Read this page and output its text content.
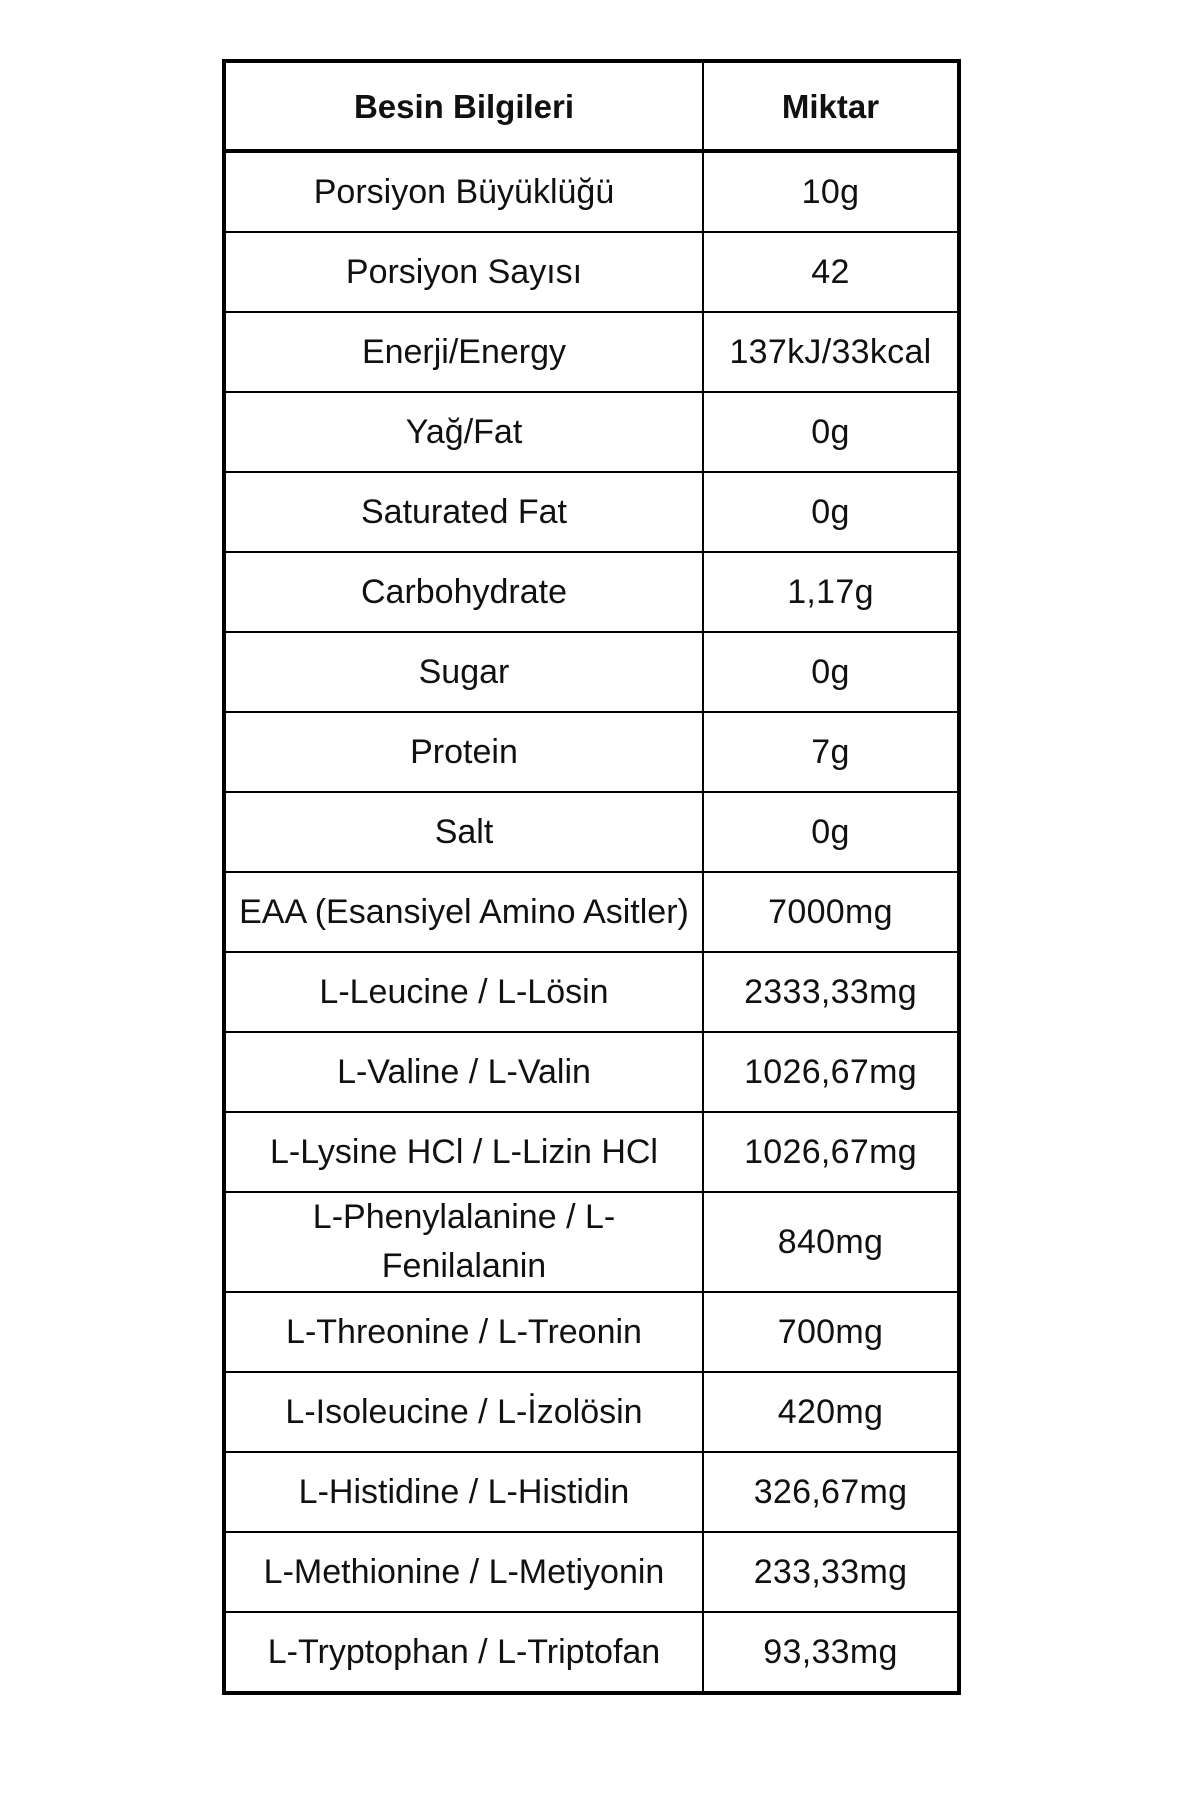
Besin Bilgileri	Miktar
Porsiyon Büyüklüğü	10g
Porsiyon Sayısı	42
Enerji/Energy	137kJ/33kcal
Yağ/Fat	0g
Saturated Fat	0g
Carbohydrate	1,17g
Sugar	0g
Protein	7g
Salt	0g
EAA (Esansiyel Amino Asitler)	7000mg
L-Leucine / L-Lösin	2333,33mg
L-Valine / L-Valin	1026,67mg
L-Lysine HCl / L-Lizin HCl	1026,67mg
L-Phenylalanine / L-Fenilalanin	840mg
L-Threonine / L-Treonin	700mg
L-Isoleucine / L-İzolösin	420mg
L-Histidine / L-Histidin	326,67mg
L-Methionine / L-Metiyonin	233,33mg
L-Tryptophan / L-Triptofan	93,33mg
